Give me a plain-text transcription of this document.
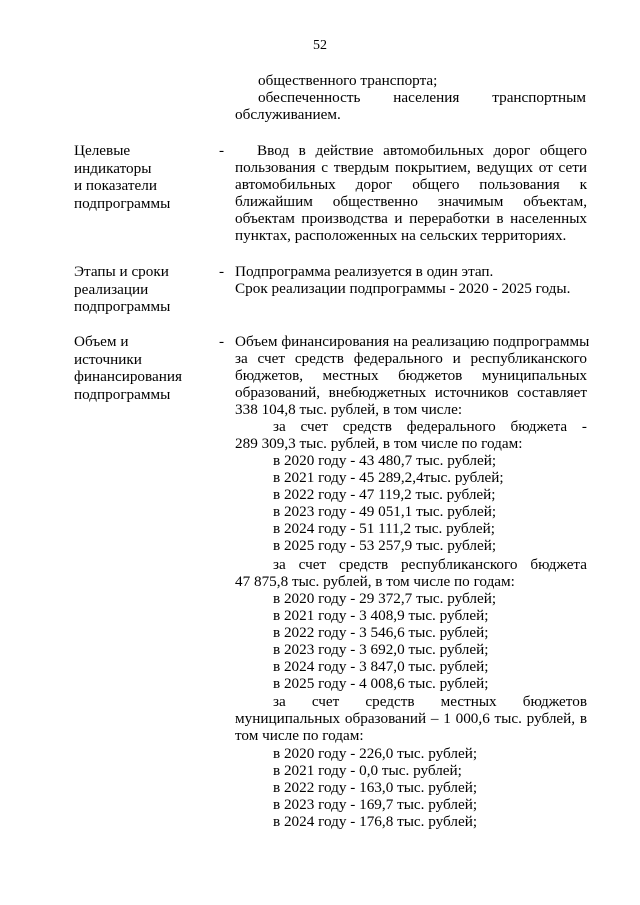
52
общественного транспорта;
обеспеченность населения транспортным
обслуживанием.
Целевые индикаторы
и показатели
подпрограммы
- Ввод в действие автомобильных дорог общего
пользования с твердым покрытием, ведущих от сети
автомобильных дорог общего пользования к
ближайшим общественно значимым объектам,
объектам производства и переработки в населенных
пунктах, расположенных на сельских территориях.
Этапы и сроки
реализации
подпрограммы
- Подпрограмма реализуется в один этап.
Срок реализации подпрограммы - 2020 - 2025 годы.
Объем и источники
финансирования
подпрограммы
- Объем финансирования на реализацию подпрограммы
за счет средств федерального и республиканского
бюджетов, местных бюджетов муниципальных
образований, внебюджетных источников составляет
338 104,8 тыс. рублей, в том числе:
за счет средств федерального бюджета -
289 309,3 тыс. рублей, в том числе по годам:
в 2020 году - 43 480,7 тыс. рублей;
в 2021 году - 45 289,2,4тыс. рублей;
в 2022 году - 47 119,2 тыс. рублей;
в 2023 году - 49 051,1 тыс. рублей;
в 2024 году - 51 111,2 тыс. рублей;
в 2025 году - 53 257,9 тыс. рублей;
за счет средств республиканского бюджета
47 875,8 тыс. рублей, в том числе по годам:
в 2020 году - 29 372,7 тыс. рублей;
в 2021 году - 3 408,9 тыс. рублей;
в 2022 году - 3 546,6 тыс. рублей;
в 2023 году - 3 692,0 тыс. рублей;
в 2024 году - 3 847,0 тыс. рублей;
в 2025 году - 4 008,6 тыс. рублей;
за счет средств местных бюджетов
муниципальных образований – 1 000,6 тыс. рублей, в
том числе по годам:
в 2020 году - 226,0 тыс. рублей;
в 2021 году - 0,0 тыс. рублей;
в 2022 году - 163,0 тыс. рублей;
в 2023 году - 169,7 тыс. рублей;
в 2024 году - 176,8 тыс. рублей;
